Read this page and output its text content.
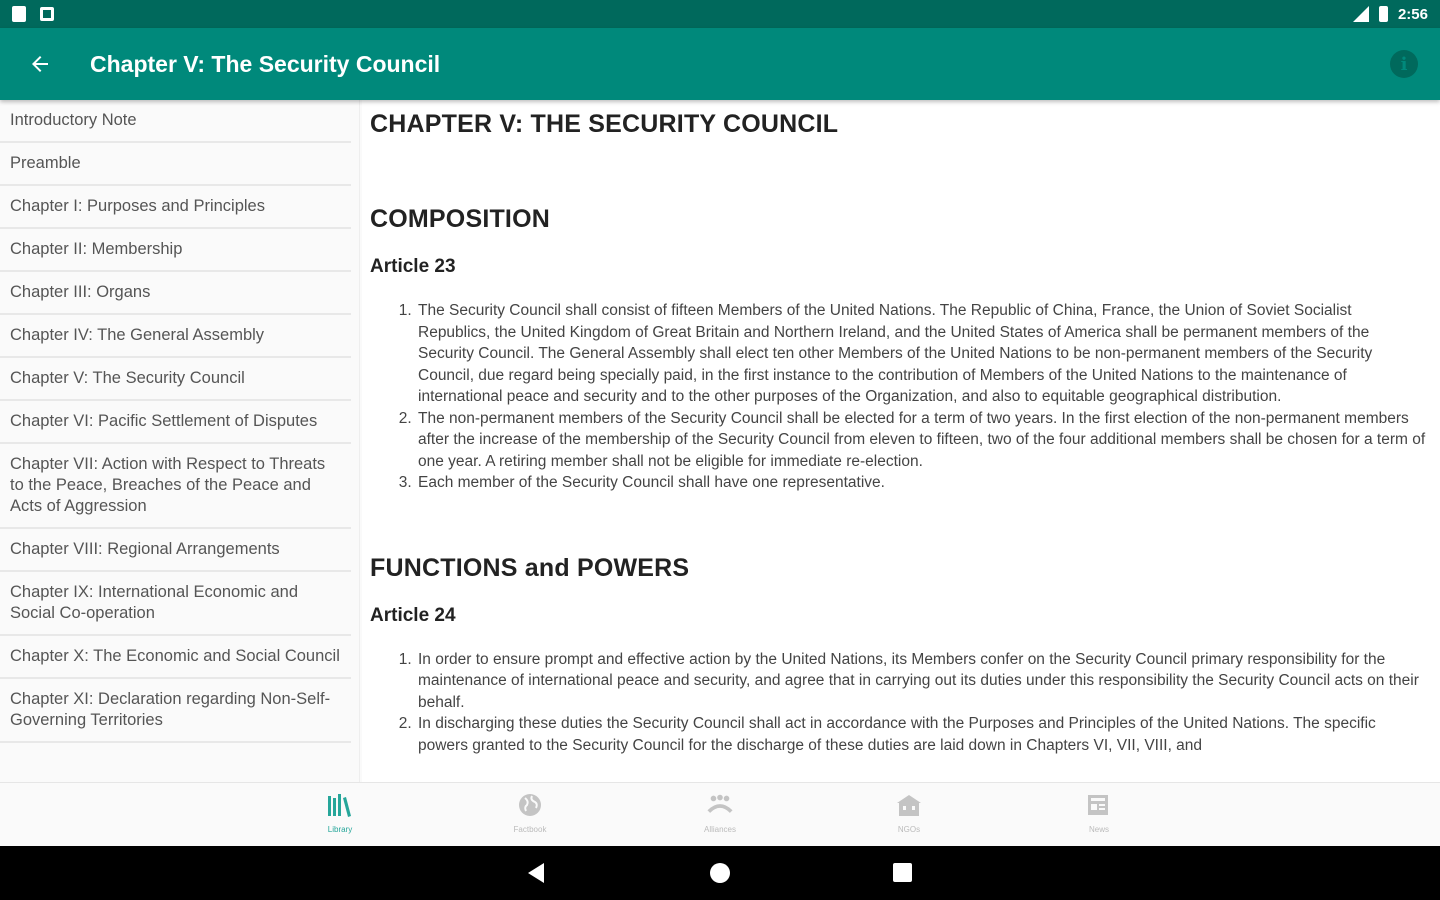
2:56
Chapter V: The Security Council	i
Introductory Note
Preamble
Chapter I: Purposes and Principles
Chapter II: Membership
Chapter III: Organs
Chapter IV: The General Assembly
Chapter V: The Security Council
Chapter VI: Pacific Settlement of Disputes
Chapter VII: Action with Respect to Threats to the Peace, Breaches of the Peace and Acts of Aggression
Chapter VIII: Regional Arrangements
Chapter IX: International Economic and Social Co-operation
Chapter X: The Economic and Social Council
Chapter XI: Declaration regarding Non-Self-Governing Territories
CHAPTER V: THE SECURITY COUNCIL
COMPOSITION
Article 23
1. The Security Council shall consist of fifteen Members of the United Nations. The Republic of China, France, the Union of Soviet Socialist Republics, the United Kingdom of Great Britain and Northern Ireland, and the United States of America shall be permanent members of the Security Council. The General Assembly shall elect ten other Members of the United Nations to be non-permanent members of the Security Council, due regard being specially paid, in the first instance to the contribution of Members of the United Nations to the maintenance of international peace and security and to the other purposes of the Organization, and also to equitable geographical distribution.
2. The non-permanent members of the Security Council shall be elected for a term of two years. In the first election of the non-permanent members after the increase of the membership of the Security Council from eleven to fifteen, two of the four additional members shall be chosen for a term of one year. A retiring member shall not be eligible for immediate re-election.
3. Each member of the Security Council shall have one representative.
FUNCTIONS and POWERS
Article 24
1. In order to ensure prompt and effective action by the United Nations, its Members confer on the Security Council primary responsibility for the maintenance of international peace and security, and agree that in carrying out its duties under this responsibility the Security Council acts on their behalf.
2. In discharging these duties the Security Council shall act in accordance with the Purposes and Principles of the United Nations. The specific powers granted to the Security Council for the discharge of these duties are laid down in Chapters VI, VII, VIII, and
Library	Factbook	Alliances	NGOs	News
